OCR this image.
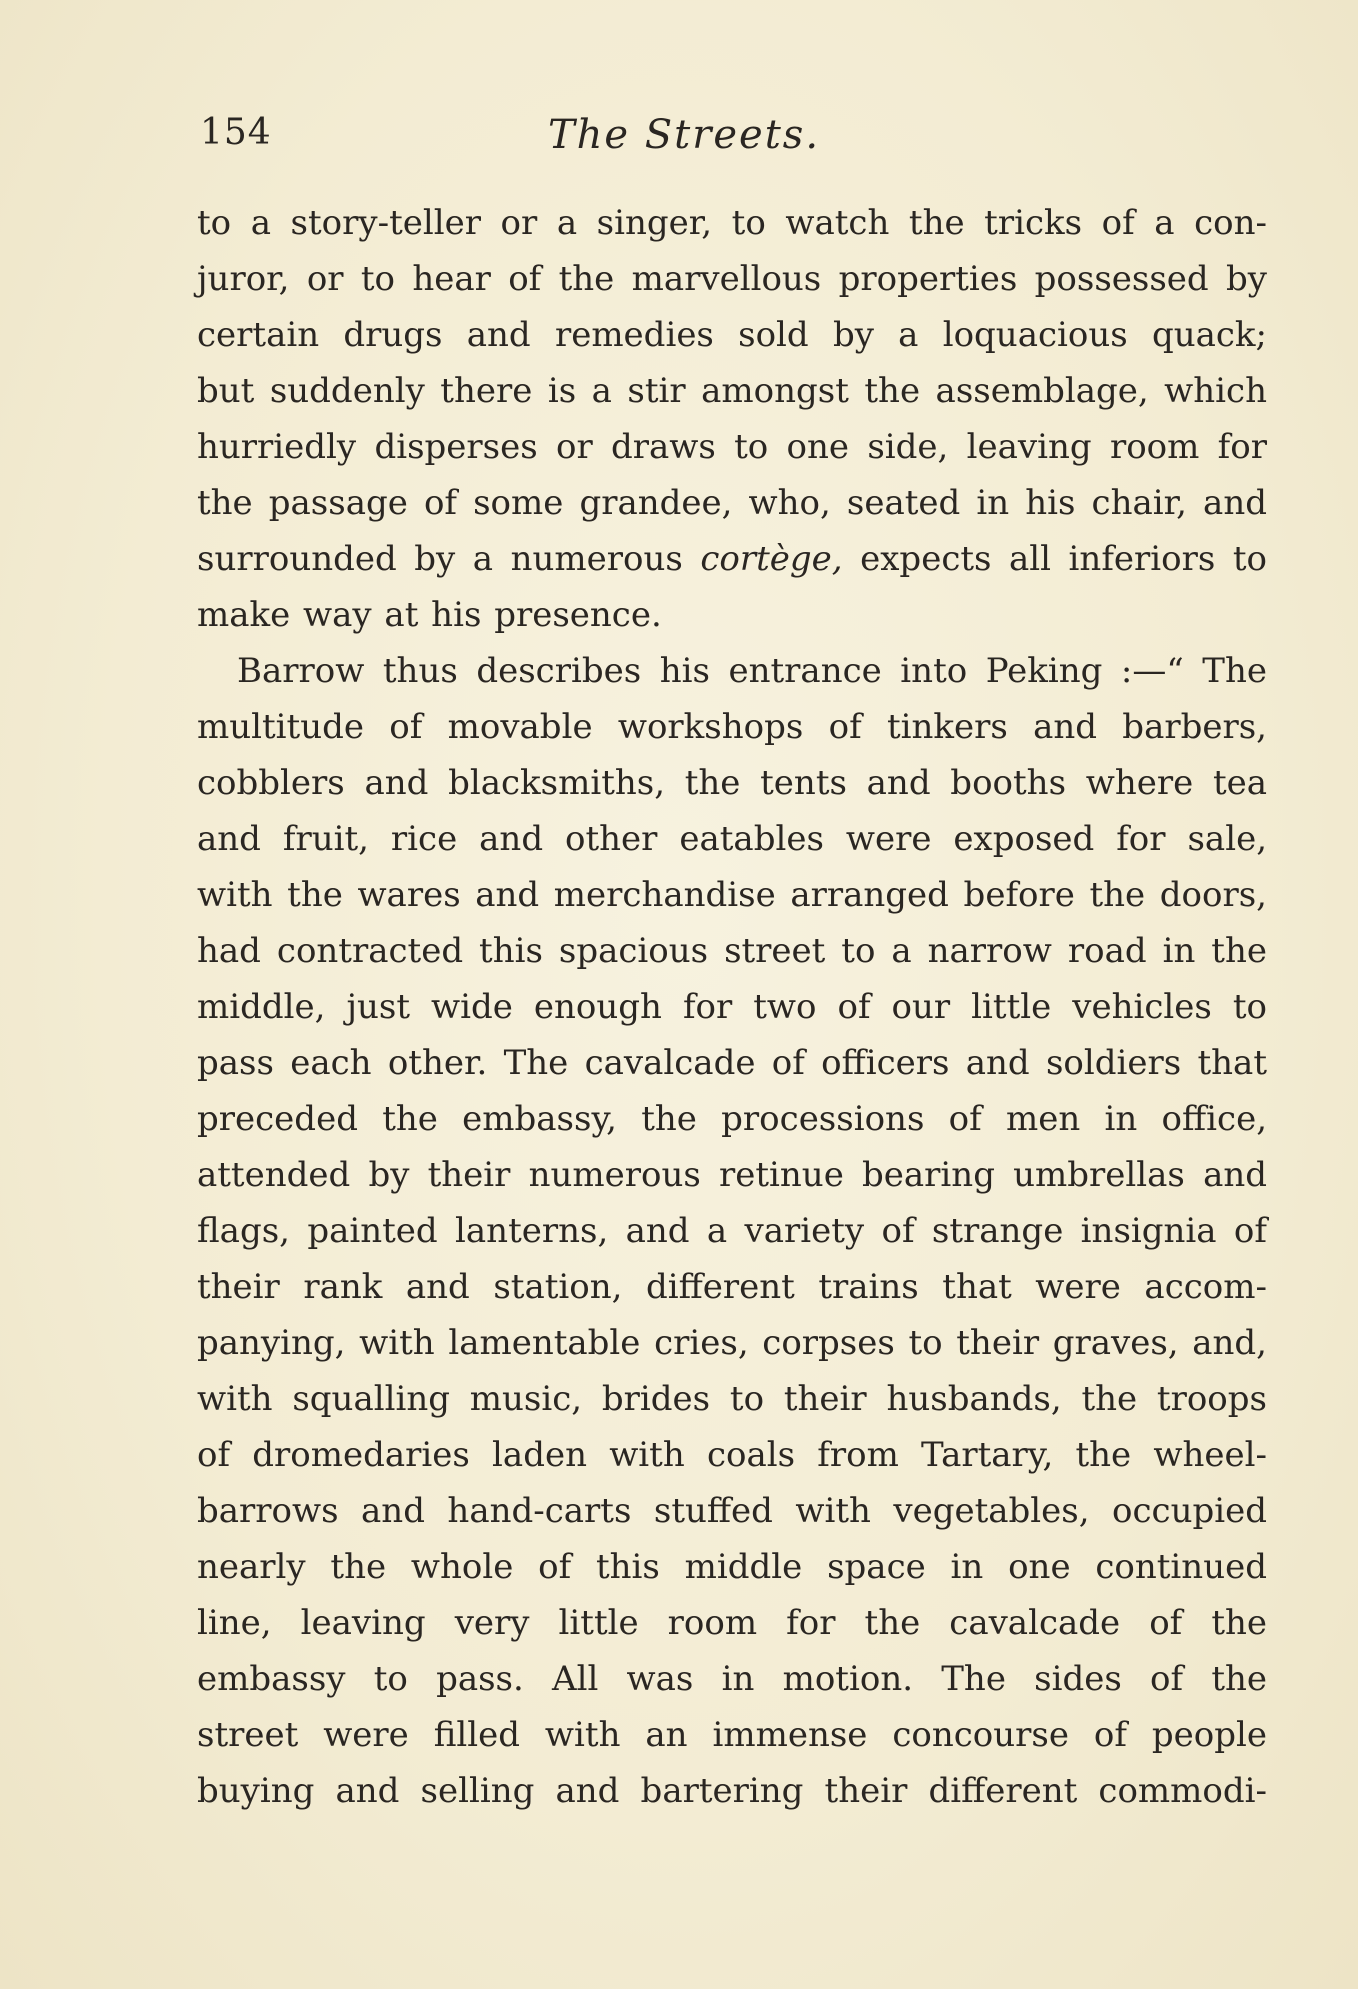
154	The Streets.
to a story-teller or a singer, to watch the tricks of a con-
juror, or to hear of the marvellous properties possessed by
certain drugs and remedies sold by a loquacious quack;
but suddenly there is a stir amongst the assemblage, which
hurriedly disperses or draws to one side, leaving room for
the passage of some grandee, who, seated in his chair, and
surrounded by a numerous cortège, expects all inferiors to
make way at his presence.
Barrow thus describes his entrance into Peking :—“ The
multitude of movable workshops of tinkers and barbers,
cobblers and blacksmiths, the tents and booths where tea
and fruit, rice and other eatables were exposed for sale,
with the wares and merchandise arranged before the doors,
had contracted this spacious street to a narrow road in the
middle, just wide enough for two of our little vehicles to
pass each other. The cavalcade of officers and soldiers that
preceded the embassy, the processions of men in office,
attended by their numerous retinue bearing umbrellas and
flags, painted lanterns, and a variety of strange insignia of
their rank and station, different trains that were accom-
panying, with lamentable cries, corpses to their graves, and,
with squalling music, brides to their husbands, the troops
of dromedaries laden with coals from Tartary, the wheel-
barrows and hand-carts stuffed with vegetables, occupied
nearly the whole of this middle space in one continued
line, leaving very little room for the cavalcade of the
embassy to pass. All was in motion. The sides of the
street were filled with an immense concourse of people
buying and selling and bartering their different commodi-
